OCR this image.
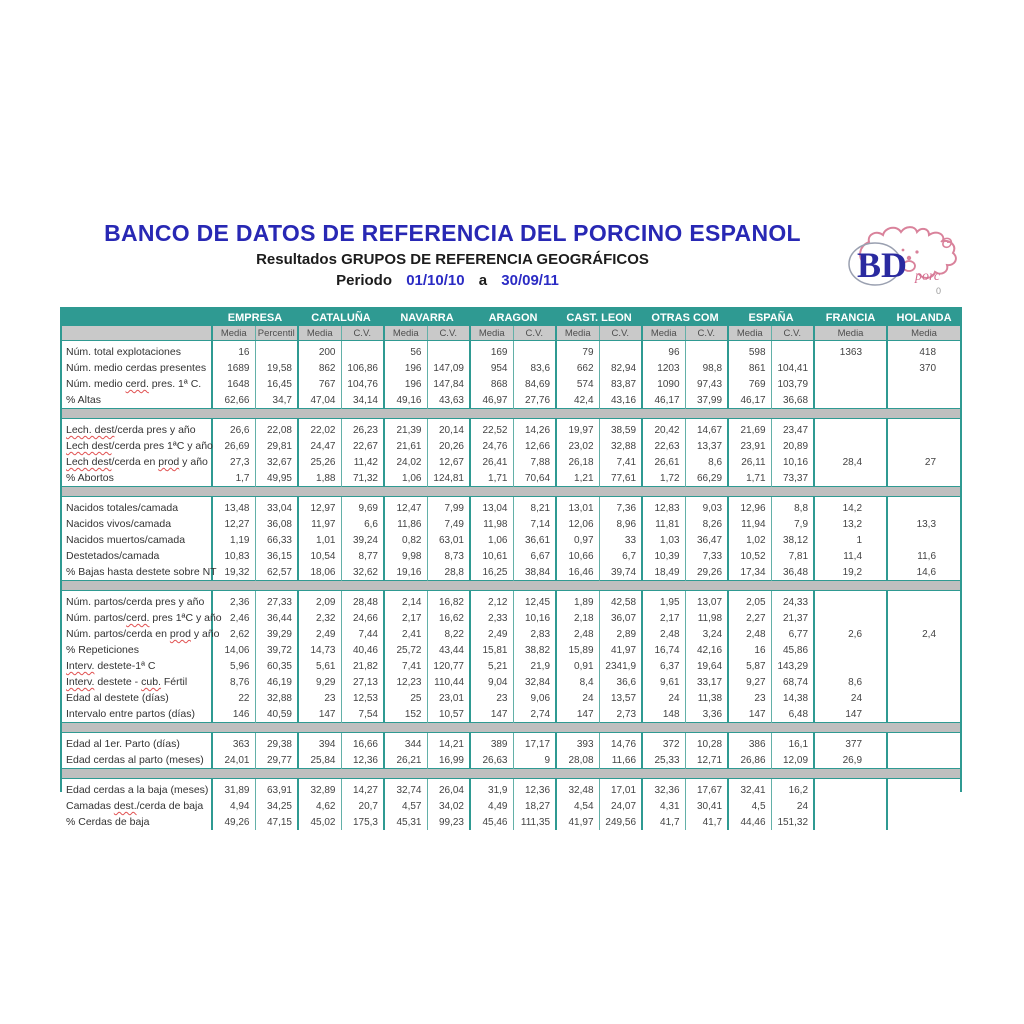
BANCO DE DATOS DE REFERENCIA DEL PORCINO ESPANOL
Resultados GRUPOS DE REFERENCIA GEOGRÁFICOS
Periodo 01/10/10 a 30/09/11	BD porc
0
	EMPRESA		CATALUÑA		NAVARRA		ARAGON		CAST. LEON		OTRAS COM		ESPAÑA		FRANCIA	HOLANDA
	Media	Percentil	Media	C.V.	Media	C.V.	Media	C.V.	Media	C.V.	Media	C.V.	Media	C.V.	Media	Media
Núm. total explotaciones	16		200		56		169		79		96		598		1363	418
Núm. medio cerdas presentes	1689	19,58	862	106,86	196	147,09	954	83,6	662	82,94	1203	98,8	861	104,41		370
Núm. medio cerd. pres. 1ª C.	1648	16,45	767	104,76	196	147,84	868	84,69	574	83,87	1090	97,43	769	103,79		
% Altas	62,66	34,7	47,04	34,14	49,16	43,63	46,97	27,76	42,4	43,16	46,17	37,99	46,17	36,68		

Lech. dest/cerda pres y año	26,6	22,08	22,02	26,23	21,39	20,14	22,52	14,26	19,97	38,59	20,42	14,67	21,69	23,47		
Lech dest/cerda pres 1ªC y año	26,69	29,81	24,47	22,67	21,61	20,26	24,76	12,66	23,02	32,88	22,63	13,37	23,91	20,89		
Lech dest/cerda en prod y año	27,3	32,67	25,26	11,42	24,02	12,67	26,41	7,88	26,18	7,41	26,61	8,6	26,11	10,16	28,4	27
% Abortos	1,7	49,95	1,88	71,32	1,06	124,81	1,71	70,64	1,21	77,61	1,72	66,29	1,71	73,37		

Nacidos totales/camada	13,48	33,04	12,97	9,69	12,47	7,99	13,04	8,21	13,01	7,36	12,83	9,03	12,96	8,8	14,2	
Nacidos vivos/camada	12,27	36,08	11,97	6,6	11,86	7,49	11,98	7,14	12,06	8,96	11,81	8,26	11,94	7,9	13,2	13,3
Nacidos muertos/camada	1,19	66,33	1,01	39,24	0,82	63,01	1,06	36,61	0,97	33	1,03	36,47	1,02	38,12	1	
Destetados/camada	10,83	36,15	10,54	8,77	9,98	8,73	10,61	6,67	10,66	6,7	10,39	7,33	10,52	7,81	11,4	11,6
% Bajas hasta destete sobre NT	19,32	62,57	18,06	32,62	19,16	28,8	16,25	38,84	16,46	39,74	18,49	29,26	17,34	36,48	19,2	14,6

Núm. partos/cerda pres y año	2,36	27,33	2,09	28,48	2,14	16,82	2,12	12,45	1,89	42,58	1,95	13,07	2,05	24,33		
Núm. partos/cerd. pres 1ªC y año	2,46	36,44	2,32	24,66	2,17	16,62	2,33	10,16	2,18	36,07	2,17	11,98	2,27	21,37		
Núm. partos/cerda en prod y año	2,62	39,29	2,49	7,44	2,41	8,22	2,49	2,83	2,48	2,89	2,48	3,24	2,48	6,77	2,6	2,4
% Repeticiones	14,06	39,72	14,73	40,46	25,72	43,44	15,81	38,82	15,89	41,97	16,74	42,16	16	45,86		
Interv. destete-1ª C	5,96	60,35	5,61	21,82	7,41	120,77	5,21	21,9	0,91	2341,9	6,37	19,64	5,87	143,29		
Interv. destete - cub. Fértil	8,76	46,19	9,29	27,13	12,23	110,44	9,04	32,84	8,4	36,6	9,61	33,17	9,27	68,74	8,6	
Edad al destete (días)	22	32,88	23	12,53	25	23,01	23	9,06	24	13,57	24	11,38	23	14,38	24	
Intervalo entre partos (días)	146	40,59	147	7,54	152	10,57	147	2,74	147	2,73	148	3,36	147	6,48	147	

Edad al 1er. Parto (días)	363	29,38	394	16,66	344	14,21	389	17,17	393	14,76	372	10,28	386	16,1	377	
Edad cerdas al parto (meses)	24,01	29,77	25,84	12,36	26,21	16,99	26,63	9	28,08	11,66	25,33	12,71	26,86	12,09	26,9	

Edad cerdas a la baja (meses)	31,89	63,91	32,89	14,27	32,74	26,04	31,9	12,36	32,48	17,01	32,36	17,67	32,41	16,2		
Camadas dest./cerda de baja	4,94	34,25	4,62	20,7	4,57	34,02	4,49	18,27	4,54	24,07	4,31	30,41	4,5	24		
% Cerdas de baja	49,26	47,15	45,02	175,3	45,31	99,23	45,46	111,35	41,97	249,56	41,7	41,7	44,46	151,32		
